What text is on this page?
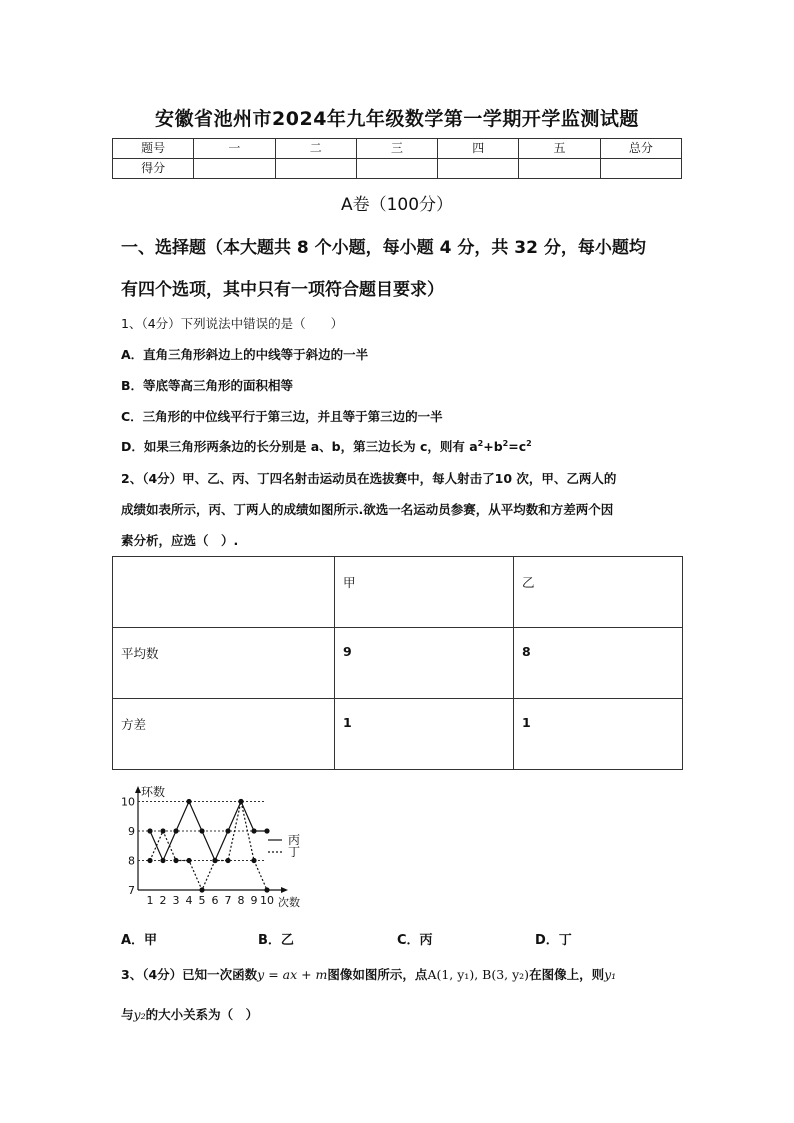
安徽省池州市2024年九年级数学第一学期开学监测试题
题号	一	二	三	四	五	总分
得分						
A卷（100分）
一、选择题（本大题共 8 个小题，每小题 4 分，共 32 分，每小题均
有四个选项，其中只有一项符合题目要求）
1、（4分）下列说法中错误的是（　　）
A．直角三角形斜边上的中线等于斜边的一半
B．等底等高三角形的面积相等
C．三角形的中位线平行于第三边，并且等于第三边的一半
D．如果三角形两条边的长分别是 a、b，第三边长为 c，则有 $a^2+b^2=c^2$
2、（4分）甲、乙、丙、丁四名射击运动员在选拔赛中，每人射击了10 次，甲、乙两人的
成绩如表所示，丙、丁两人的成绩如图所示.欲选一名运动员参赛，从平均数和方差两个因
素分析，应选（　）.
	甲	乙
平均数	9	8
方差	1	1
环数
次数
丙
丁
7
8
9
10
1 2 3 4 5 6 7 8 9 10
A．甲	B．乙	C．丙	D．丁
3、（4分）已知一次函数y = ax + m图像如图所示，点A(1, y₁), B(3, y₂)在图像上，则y₁
与y₂的大小关系为（　）
